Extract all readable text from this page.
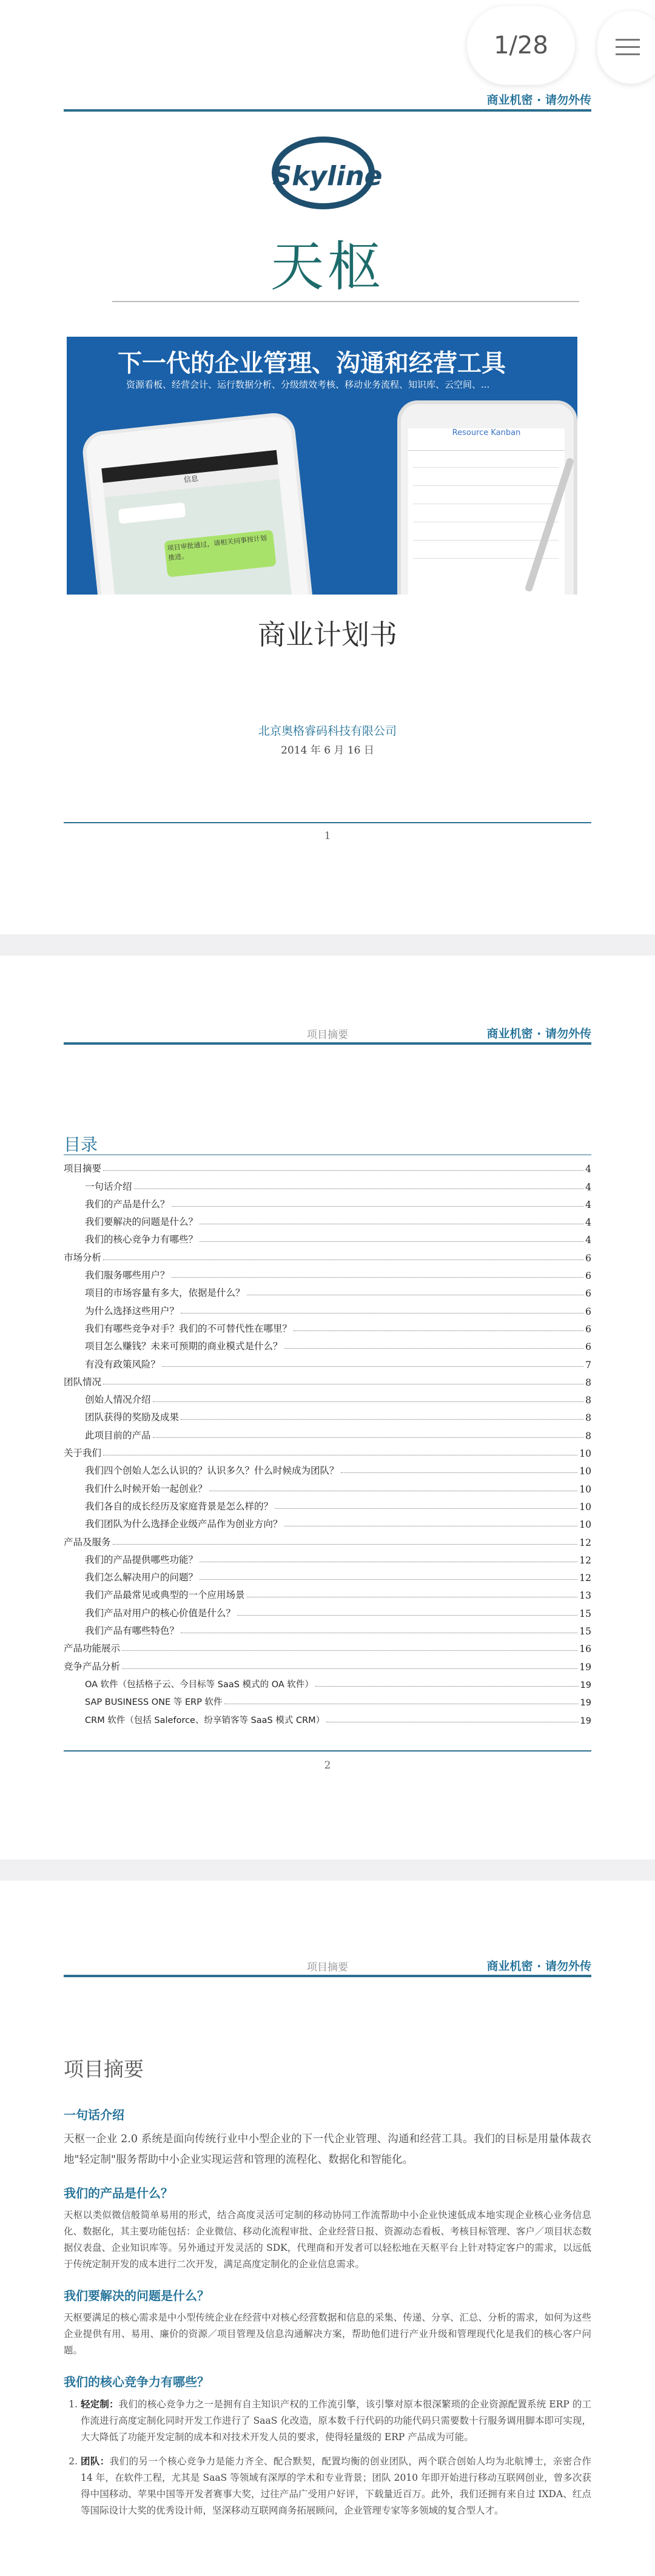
商业机密 · 请勿外传
Skyline
天枢
下一代的企业管理、沟通和经营工具
资源看板、经营会计、运行数据分析、分级绩效考核、移动业务流程、知识库、云空间、...
信息
项目审批通过，请相关同事按计划推进。
Resource Kanban
商业计划书
北京奥格睿码科技有限公司
2014 年 6 月 16 日
1
1/28
项目摘要	商业机密 · 请勿外传
2
目录
项目摘要	4
一句话介绍	4
我们的产品是什么？	4
我们要解决的问题是什么？	4
我们的核心竞争力有哪些？	4
市场分析	6
我们服务哪些用户？	6
项目的市场容量有多大，依据是什么？	6
为什么选择这些用户？	6
我们有哪些竞争对手？我们的不可替代性在哪里？	6
项目怎么赚钱？未来可预期的商业模式是什么？	6
有没有政策风险？	7
团队情况	8
创始人情况介绍	8
团队获得的奖励及成果	8
此项目前的产品	8
关于我们	10
我们四个创始人怎么认识的？认识多久？什么时候成为团队？	10
我们什么时候开始一起创业？	10
我们各自的成长经历及家庭背景是怎么样的？	10
我们团队为什么选择企业级产品作为创业方向？	10
产品及服务	12
我们的产品提供哪些功能？	12
我们怎么解决用户的问题？	12
我们产品最常见或典型的一个应用场景	13
我们产品对用户的核心价值是什么？	15
我们产品有哪些特色？	15
产品功能展示	16
竞争产品分析	19
OA 软件（包括格子云、今目标等 SaaS 模式的 OA 软件）	19
SAP BUSINESS ONE 等 ERP 软件	19
CRM 软件（包括 Saleforce、纷享销客等 SaaS 模式 CRM）	19
项目摘要	商业机密 · 请勿外传
项目摘要
一句话介绍

天枢一企业 2.0 系统是面向传统行业中小型企业的下一代企业管理、沟通和经营工具。我们的目标是用量体裁衣地"轻定制"服务帮助中小企业实现运营和管理的流程化、数据化和智能化。

我们的产品是什么？

天枢以类似微信般简单易用的形式，结合高度灵活可定制的移动协同工作流帮助中小企业快速低成本地实现企业核心业务信息化、数据化，其主要功能包括：企业微信、移动化流程审批、企业经营日报、资源动态看板、考核目标管理、客户／项目状态数据仪表盘、企业知识库等。另外通过开发灵活的 SDK，代理商和开发者可以轻松地在天枢平台上针对特定客户的需求，以远低于传统定制开发的成本进行二次开发，满足高度定制化的企业信息需求。

我们要解决的问题是什么？

天枢要满足的核心需求是中小型传统企业在经营中对核心经营数据和信息的采集、传递、分享、汇总、分析的需求，如何为这些企业提供有用、易用、廉价的资源／项目管理及信息沟通解决方案，帮助他们进行产业升级和管理现代化是我们的核心客户问题。

我们的核心竞争力有哪些？
1. 轻定制：我们的核心竞争力之一是拥有自主知识产权的工作流引擎，该引擎对原本很深繁琐的企业资源配置系统 ERP 的工作流进行高度定制化同时开发工作进行了 SaaS 化改造，原本数千行代码的功能代码只需要数十行服务调用脚本即可实现，大大降低了功能开发定制的成本和对技术开发人员的要求，使得轻量级的 ERP 产品成为可能。
2. 团队：我们的另一个核心竞争力是能力齐全、配合默契，配置均衡的创业团队，两个联合创始人均为北航博士，亲密合作 14 年，在软件工程，尤其是 SaaS 等领域有深厚的学术和专业背景；团队 2010 年即开始进行移动互联网创业，曾多次获得中国移动、苹果中国等开发者赛事大奖，过往产品广受用户好评，下载量近百万。此外，我们还拥有来自过 IXDA、红点等国际设计大奖的优秀设计师，坚深移动互联网商务拓展顾问，企业管理专家等多领域的复合型人才。
